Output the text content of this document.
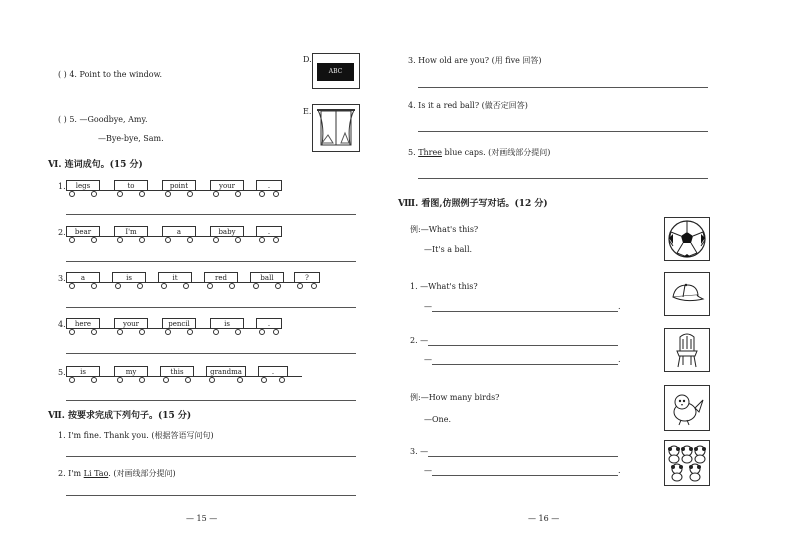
( ) 4. Point to the window.
( ) 5. —Goodbye, Amy.
—Bye-bye, Sam.
D.
ABC
E.
Ⅵ. 连词成句。(15 分)
1.	legs	to	point	your	.
2.	bear	I'm	a	baby	.
3.	a	is	it	red	ball	?
4.	here	your	pencil	is	.
5.	is	my	this	grandma	.
Ⅶ. 按要求完成下列句子。(15 分)
1. I'm fine. Thank you. (根据答语写问句)
2. I'm Li Tao. (对画线部分提问)
— 15 —
3. How old are you? (用 five 回答)
4. Is it a red ball? (做否定回答)
5. Three blue caps. (对画线部分提问)
Ⅷ. 看图,仿照例子写对话。(12 分)
例:—What's this?
—It's a ball.
1. —What's this?
—	.
2. —
—	.
例:—How many birds?
—One.
3. —
—	.
— 16 —
